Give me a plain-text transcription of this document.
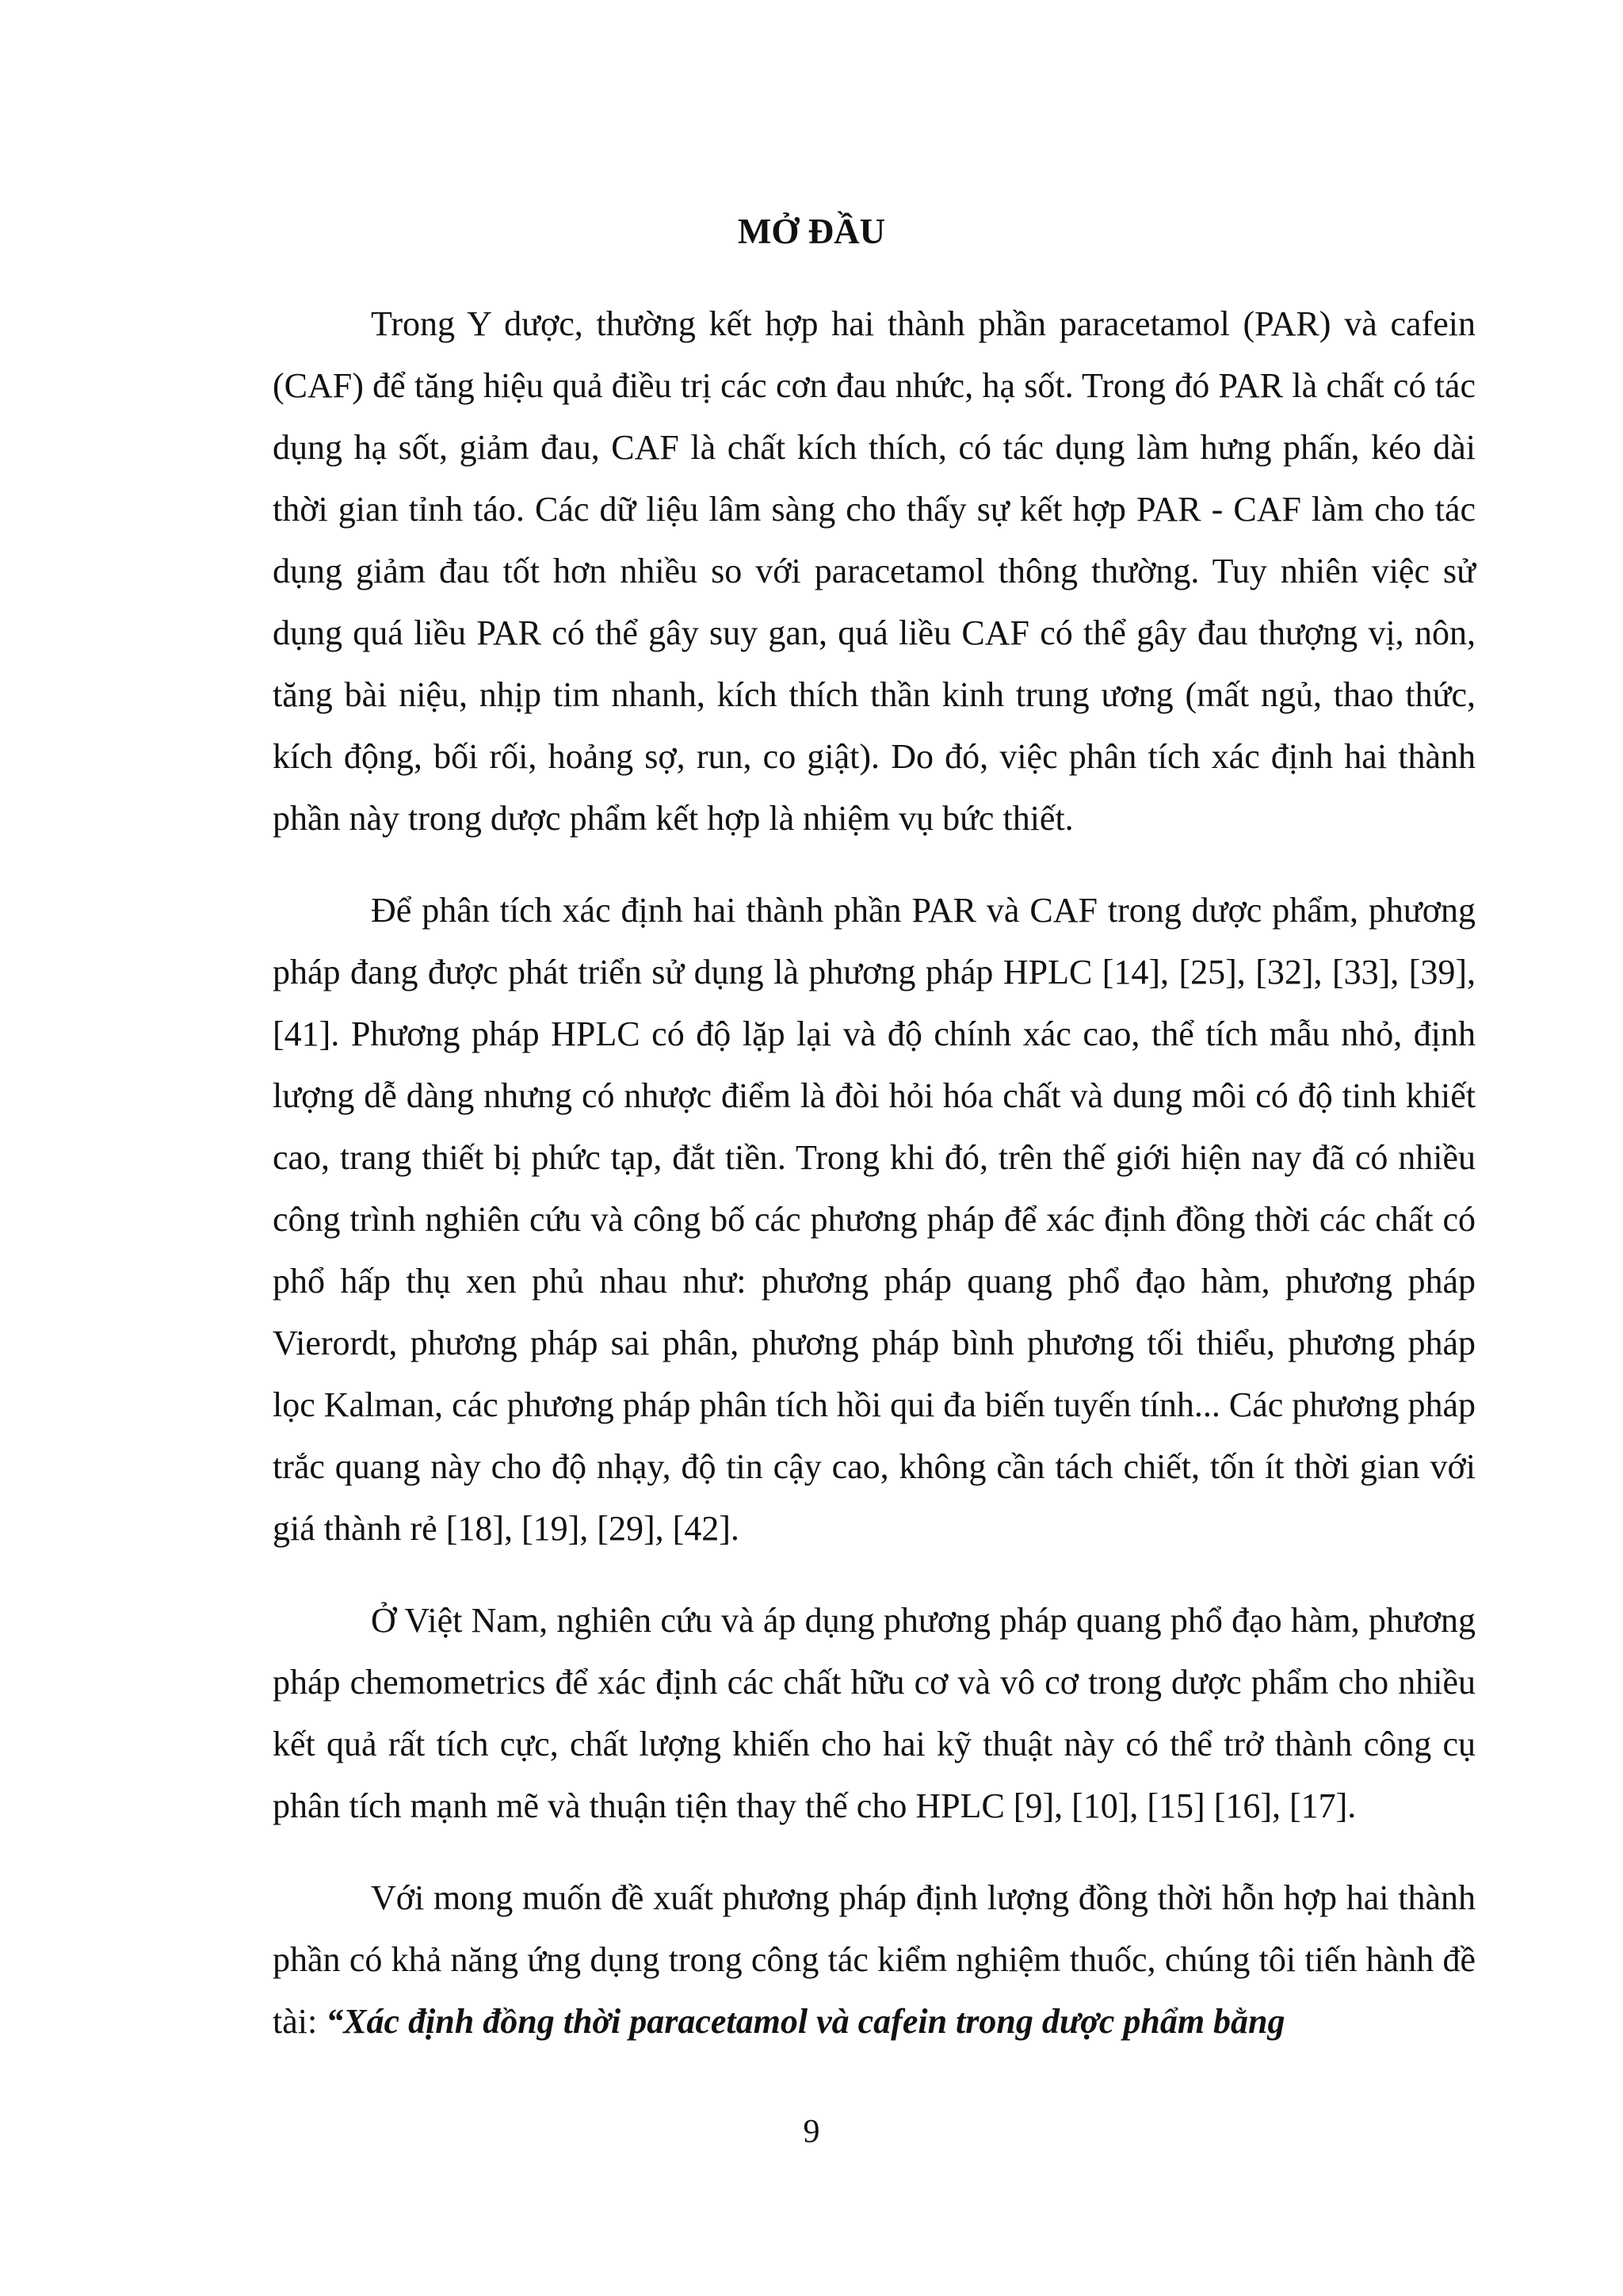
MỞ ĐẦU

Trong Y dược, thường kết hợp hai thành phần paracetamol (PAR) và cafein (CAF) để tăng hiệu quả điều trị các cơn đau nhức, hạ sốt. Trong đó PAR là chất có tác dụng hạ sốt, giảm đau, CAF là chất kích thích, có tác dụng làm hưng phấn, kéo dài thời gian tỉnh táo. Các dữ liệu lâm sàng cho thấy sự kết hợp PAR - CAF làm cho tác dụng giảm đau tốt hơn nhiều so với paracetamol thông thường. Tuy nhiên việc sử dụng quá liều PAR có thể gây suy gan, quá liều CAF có thể gây đau thượng vị, nôn, tăng bài niệu, nhịp tim nhanh, kích thích thần kinh trung ương (mất ngủ, thao thức, kích động, bối rối, hoảng sợ, run, co giật). Do đó, việc phân tích xác định hai thành phần này trong dược phẩm kết hợp là nhiệm vụ bức thiết.

Để phân tích xác định hai thành phần PAR và CAF trong dược phẩm, phương pháp đang được phát triển sử dụng là phương pháp HPLC [14], [25], [32], [33], [39], [41]. Phương pháp HPLC có độ lặp lại và độ chính xác cao, thể tích mẫu nhỏ, định lượng dễ dàng nhưng có nhược điểm là đòi hỏi hóa chất và dung môi có độ tinh khiết cao, trang thiết bị phức tạp, đắt tiền. Trong khi đó, trên thế giới hiện nay đã có nhiều công trình nghiên cứu và công bố các phương pháp để xác định đồng thời các chất có phổ hấp thụ xen phủ nhau như: phương pháp quang phổ đạo hàm, phương pháp Vierordt, phương pháp sai phân, phương pháp bình phương tối thiểu, phương pháp lọc Kalman, các phương pháp phân tích hồi qui đa biến tuyến tính... Các phương pháp trắc quang này cho độ nhạy, độ tin cậy cao, không cần tách chiết, tốn ít thời gian với giá thành rẻ [18], [19], [29], [42].

Ở Việt Nam, nghiên cứu và áp dụng phương pháp quang phổ đạo hàm, phương pháp chemometrics để xác định các chất hữu cơ và vô cơ trong dược phẩm cho nhiều kết quả rất tích cực, chất lượng khiến cho hai kỹ thuật này có thể trở thành công cụ phân tích mạnh mẽ và thuận tiện thay thế cho HPLC [9], [10], [15] [16], [17].

Với mong muốn đề xuất phương pháp định lượng đồng thời hỗn hợp hai thành phần có khả năng ứng dụng trong công tác kiểm nghiệm thuốc, chúng tôi tiến hành đề tài: “Xác định đồng thời paracetamol và cafein trong dược phẩm bằng

9
